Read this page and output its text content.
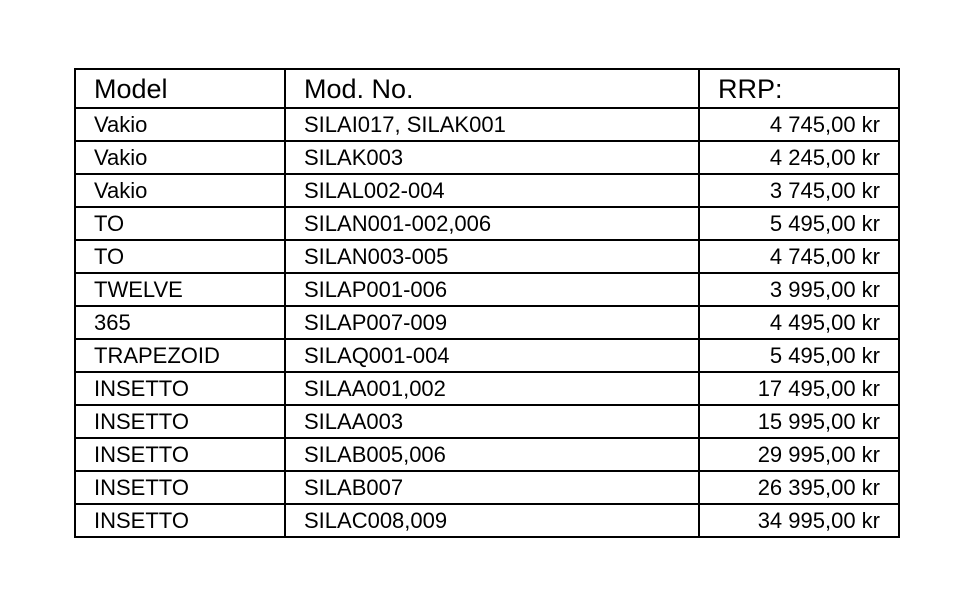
Model	Mod. No.	RRP:
Vakio	SILAI017, SILAK001	4 745,00 kr
Vakio	SILAK003	4 245,00 kr
Vakio	SILAL002-004	3 745,00 kr
TO	SILAN001-002,006	5 495,00 kr
TO	SILAN003-005	4 745,00 kr
TWELVE	SILAP001-006	3 995,00 kr
365	SILAP007-009	4 495,00 kr
TRAPEZOID	SILAQ001-004	5 495,00 kr
INSETTO	SILAA001,002	17 495,00 kr
INSETTO	SILAA003	15 995,00 kr
INSETTO	SILAB005,006	29 995,00 kr
INSETTO	SILAB007	26 395,00 kr
INSETTO	SILAC008,009	34 995,00 kr
